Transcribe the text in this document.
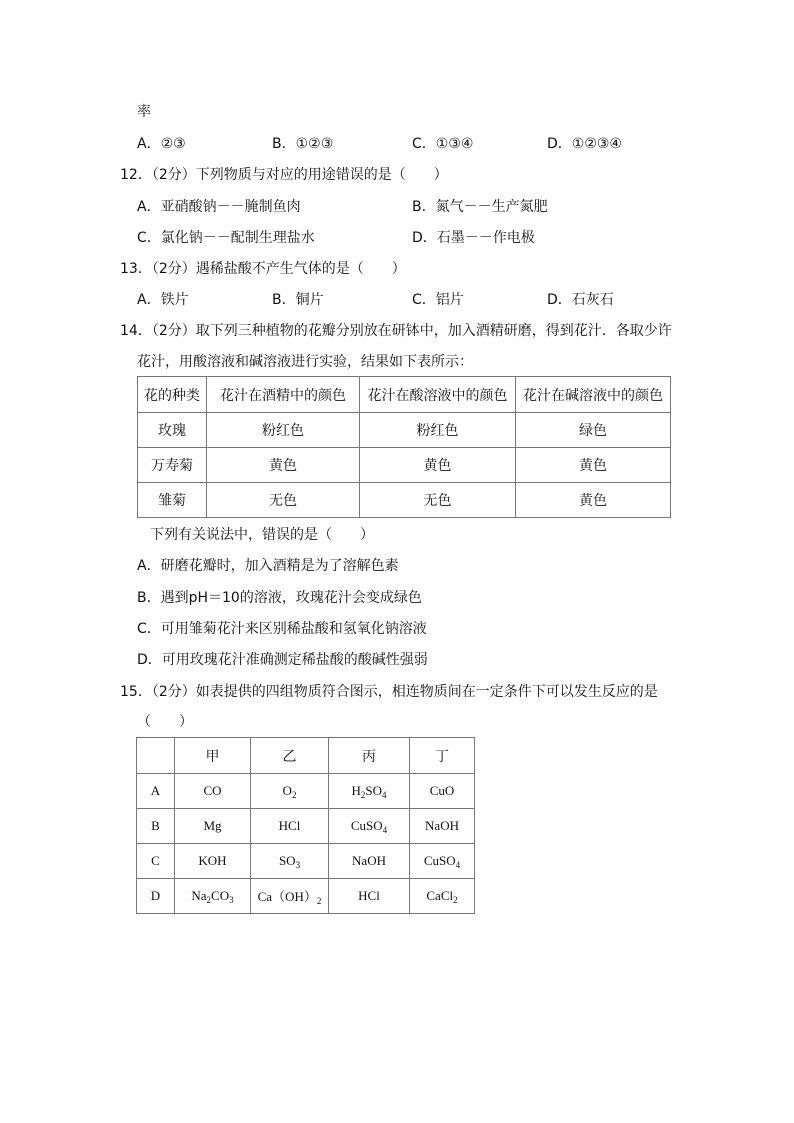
率
A．②③	B．①②③	C．①③④	D．①②③④
12．（2分）下列物质与对应的用途错误的是（　　）
A．亚硝酸钠－－腌制鱼肉	B．氮气－－生产氮肥
C．氯化钠－－配制生理盐水	D．石墨－－作电极
13．（2分）遇稀盐酸不产生气体的是（　　）
A．铁片	B．铜片	C．铝片	D．石灰石
14．（2分）取下列三种植物的花瓣分别放在研钵中，加入酒精研磨，得到花汁．各取少许
花汁，用酸溶液和碱溶液进行实验，结果如下表所示：
花的种类	花汁在酒精中的颜色	花汁在酸溶液中的颜色	花汁在碱溶液中的颜色
玫瑰	粉红色	粉红色	绿色
万寿菊	黄色	黄色	黄色
雏菊	无色	无色	黄色
下列有关说法中，错误的是（　　）
A．研磨花瓣时，加入酒精是为了溶解色素
B．遇到pH＝10的溶液，玫瑰花汁会变成绿色
C．可用雏菊花汁来区别稀盐酸和氢氧化钠溶液
D．可用玫瑰花汁准确测定稀盐酸的酸碱性强弱
15．（2分）如表提供的四组物质符合图示，相连物质间在一定条件下可以发生反应的是
（　　）
	甲	乙	丙	丁
A	CO	$O_2$	$H_2SO_4$	CuO
B	Mg	HCl	CuSO$_4$	NaOH
C	KOH	$SO_3$	NaOH	CuSO$_4$
D	$Na_2CO_3$	$Ca(OH)_2$	HCl	CaCl$_2$
